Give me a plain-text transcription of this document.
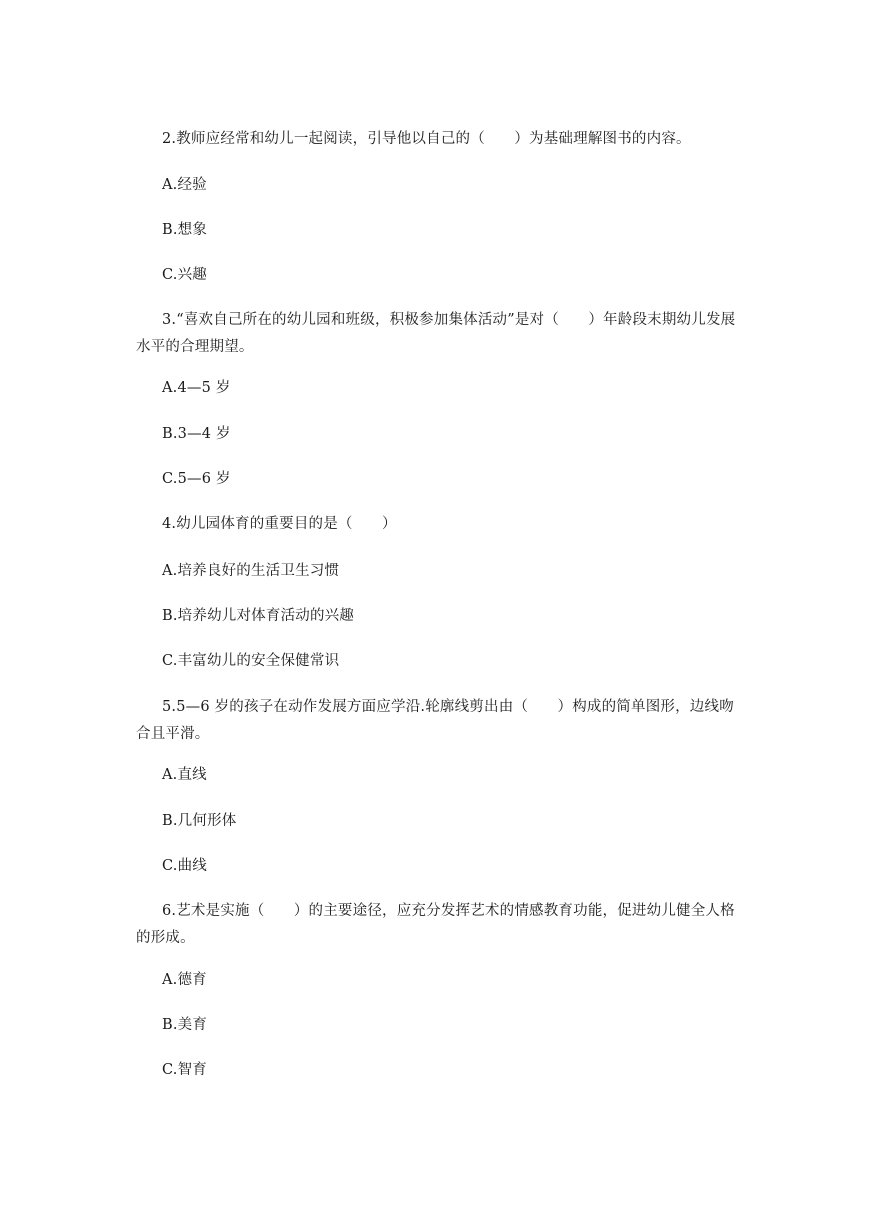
2.教师应经常和幼儿一起阅读，引导他以自己的（　　）为基础理解图书的内容。

A.经验

B.想象

C.兴趣

3.“喜欢自己所在的幼儿园和班级，积极参加集体活动”是对（　　）年龄段末期幼儿发展水平的合理期望。

A.4—5 岁

B.3—4 岁

C.5—6 岁

4.幼儿园体育的重要目的是（　　）

A.培养良好的生活卫生习惯

B.培养幼儿对体育活动的兴趣

C.丰富幼儿的安全保健常识

5.5—6 岁的孩子在动作发展方面应学沿.轮廓线剪出由（　　）构成的简单图形，边线吻合且平滑。

A.直线

B.几何形体

C.曲线

6.艺术是实施（　　）的主要途径，应充分发挥艺术的情感教育功能，促进幼儿健全人格的形成。

A.德育

B.美育

C.智育
